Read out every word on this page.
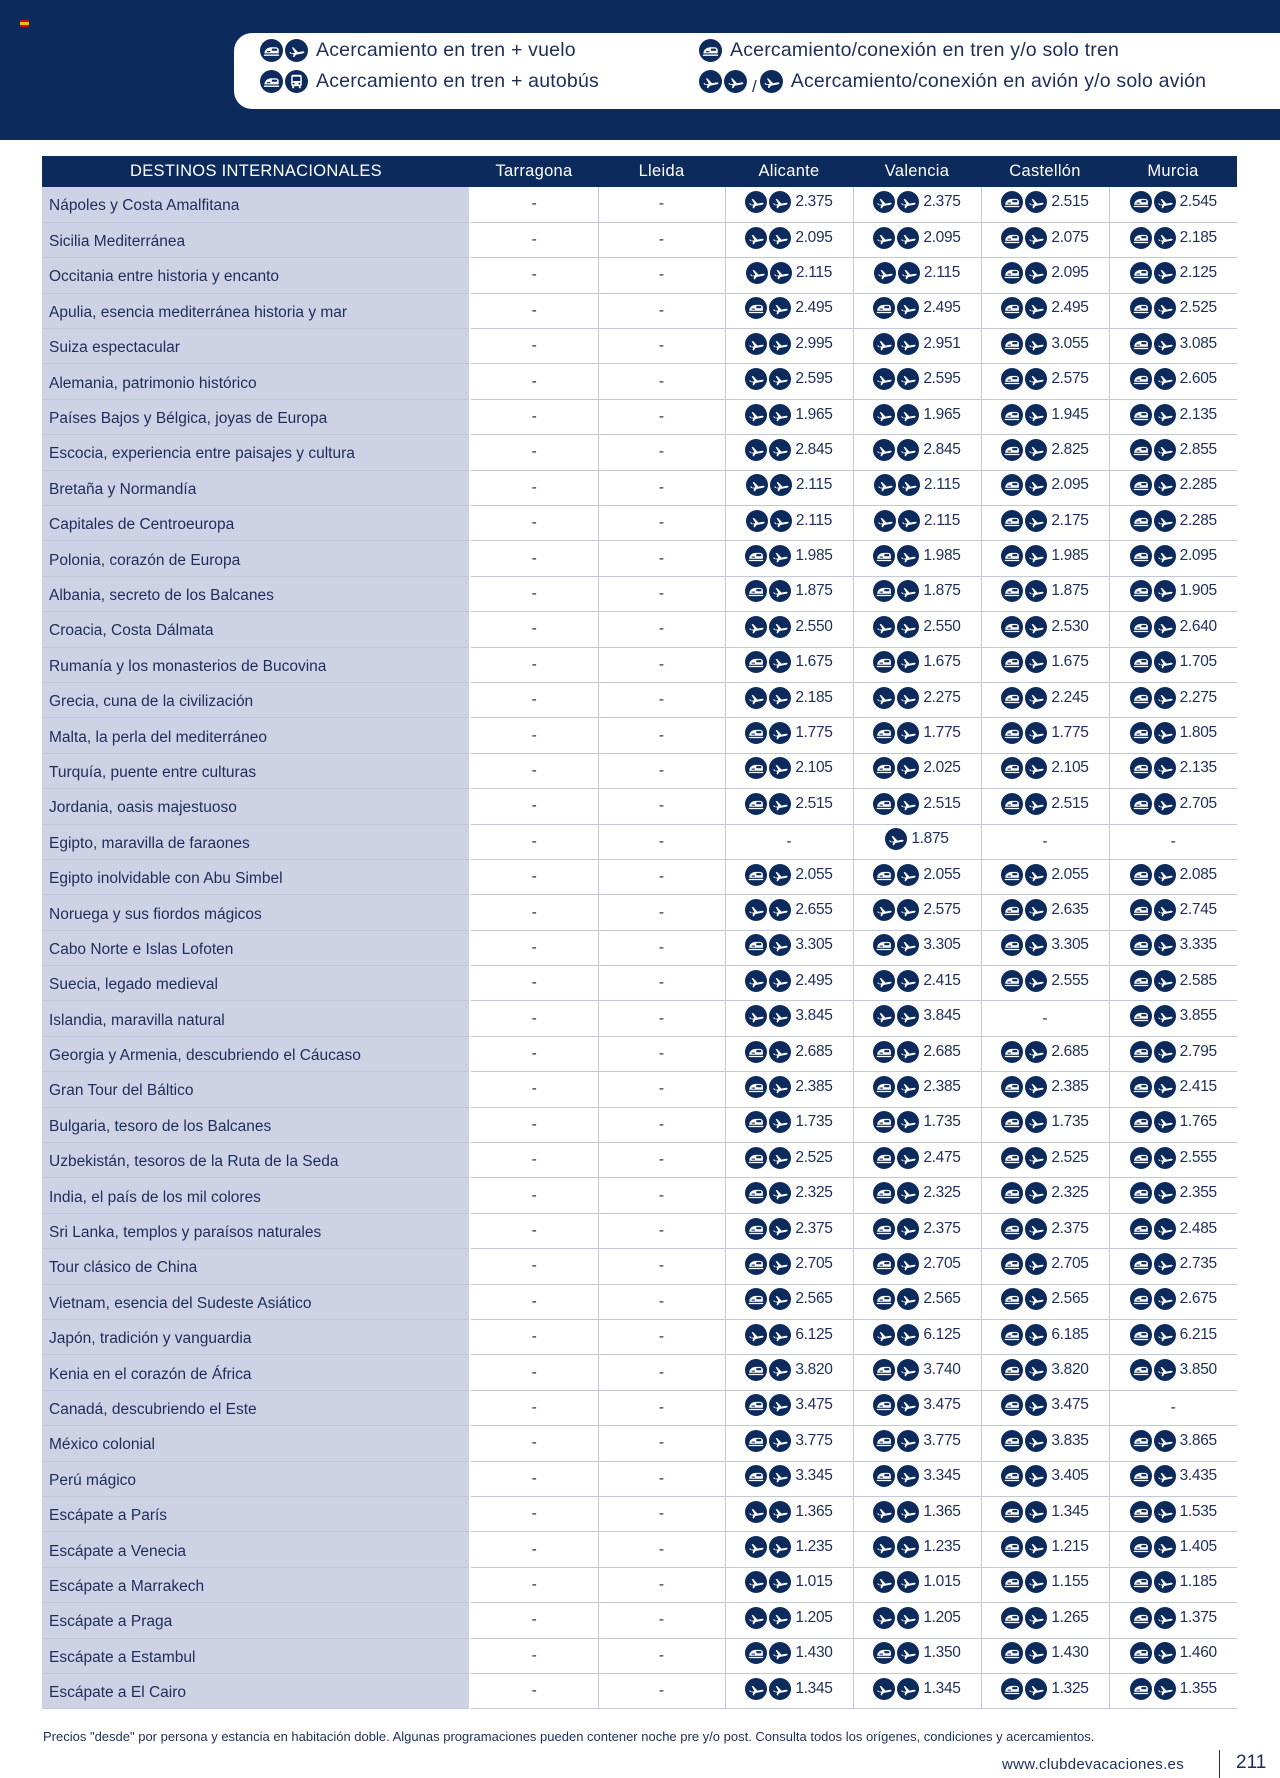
Acercamiento en tren + vuelo
Acercamiento en tren + autobús
Acercamiento/conexión en tren y/o solo tren
/ Acercamiento/conexión en avión y/o solo avión
DESTINOS INTERNACIONALES	Tarragona	Lleida	Alicante	Valencia	Castellón	Murcia
Nápoles y Costa Amalfitana	-	-	2.375	2.375	2.515	2.545

Sicilia Mediterránea	-	-	2.095	2.095	2.075	2.185

Occitania entre historia y encanto	-	-	2.115	2.115	2.095	2.125

Apulia, esencia mediterránea historia y mar	-	-	2.495	2.495	2.495	2.525

Suiza espectacular	-	-	2.995	2.951	3.055	3.085

Alemania, patrimonio histórico	-	-	2.595	2.595	2.575	2.605

Países Bajos y Bélgica, joyas de Europa	-	-	1.965	1.965	1.945	2.135

Escocia, experiencia entre paisajes y cultura	-	-	2.845	2.845	2.825	2.855

Bretaña y Normandía	-	-	2.115	2.115	2.095	2.285

Capitales de Centroeuropa	-	-	2.115	2.115	2.175	2.285

Polonia, corazón de Europa	-	-	1.985	1.985	1.985	2.095

Albania, secreto de los Balcanes	-	-	1.875	1.875	1.875	1.905

Croacia, Costa Dálmata	-	-	2.550	2.550	2.530	2.640

Rumanía y los monasterios de Bucovina	-	-	1.675	1.675	1.675	1.705

Grecia, cuna de la civilización	-	-	2.185	2.275	2.245	2.275

Malta, la perla del mediterráneo	-	-	1.775	1.775	1.775	1.805

Turquía, puente entre culturas	-	-	2.105	2.025	2.105	2.135

Jordania, oasis majestuoso	-	-	2.515	2.515	2.515	2.705

Egipto, maravilla de faraones	-	-	-	1.875	-	-
Egipto inolvidable con Abu Simbel	-	-	2.055	2.055	2.055	2.085

Noruega y sus fiordos mágicos	-	-	2.655	2.575	2.635	2.745

Cabo Norte e Islas Lofoten	-	-	3.305	3.305	3.305	3.335

Suecia, legado medieval	-	-	2.495	2.415	2.555	2.585

Islandia, maravilla natural	-	-	3.845	3.845	-	3.855

Georgia y Armenia, descubriendo el Cáucaso	-	-	2.685	2.685	2.685	2.795

Gran Tour del Báltico	-	-	2.385	2.385	2.385	2.415

Bulgaria, tesoro de los Balcanes	-	-	1.735	1.735	1.735	1.765

Uzbekistán, tesoros de la Ruta de la Seda	-	-	2.525	2.475	2.525	2.555

India, el país de los mil colores	-	-	2.325	2.325	2.325	2.355

Sri Lanka, templos y paraísos naturales	-	-	2.375	2.375	2.375	2.485

Tour clásico de China	-	-	2.705	2.705	2.705	2.735

Vietnam, esencia del Sudeste Asiático	-	-	2.565	2.565	2.565	2.675

Japón, tradición y vanguardia	-	-	6.125	6.125	6.185	6.215

Kenia en el corazón de África	-	-	3.820	3.740	3.820	3.850

Canadá, descubriendo el Este	-	-	3.475	3.475	3.475	-
México colonial	-	-	3.775	3.775	3.835	3.865

Perú mágico	-	-	3.345	3.345	3.405	3.435

Escápate a París	-	-	1.365	1.365	1.345	1.535

Escápate a Venecia	-	-	1.235	1.235	1.215	1.405

Escápate a Marrakech	-	-	1.015	1.015	1.155	1.185

Escápate a Praga	-	-	1.205	1.205	1.265	1.375

Escápate a Estambul	-	-	1.430	1.350	1.430	1.460

Escápate a El Cairo	-	-	1.345	1.345	1.325	1.355
Precios "desde" por persona y estancia en habitación doble. Algunas programaciones pueden contener noche pre y/o post. Consulta todos los orígenes, condiciones y acercamientos.
www.clubdevacaciones.es	211
